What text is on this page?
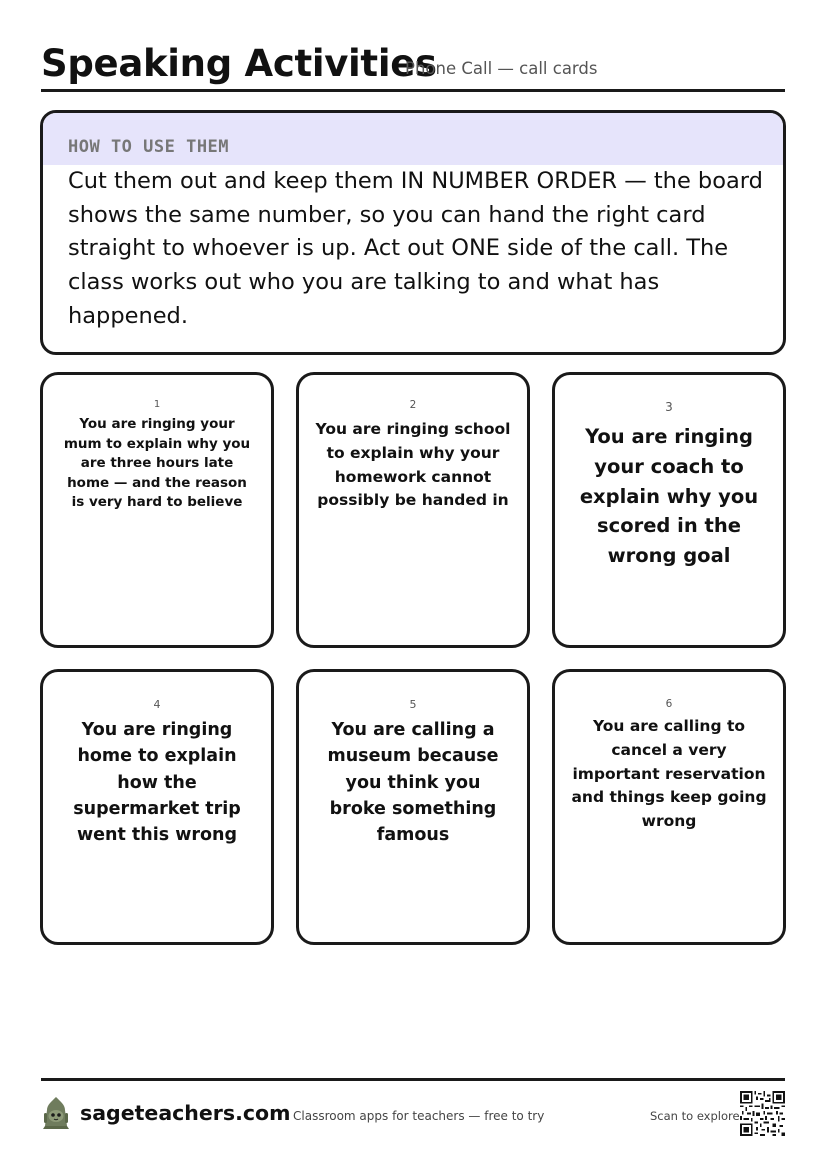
Speaking Activities
Phone Call — call cards
HOW TO USE THEM
Cut them out and keep them IN NUMBER ORDER — the board shows the same number, so you can hand the right card straight to whoever is up. Act out ONE side of the call. The class works out who you are talking to and what has happened.
1
You are ringing your mum to explain why you are three hours late home — and the reason is very hard to believe
2
You are ringing school to explain why your homework cannot possibly be handed in
3
You are ringing your coach to explain why you scored in the wrong goal
4
You are ringing home to explain how the supermarket trip went this wrong
5
You are calling a museum because you think you broke something famous
6
You are calling to cancel a very important reservation and things keep going wrong
sageteachers.com Classroom apps for teachers — free to try	Scan to explore
